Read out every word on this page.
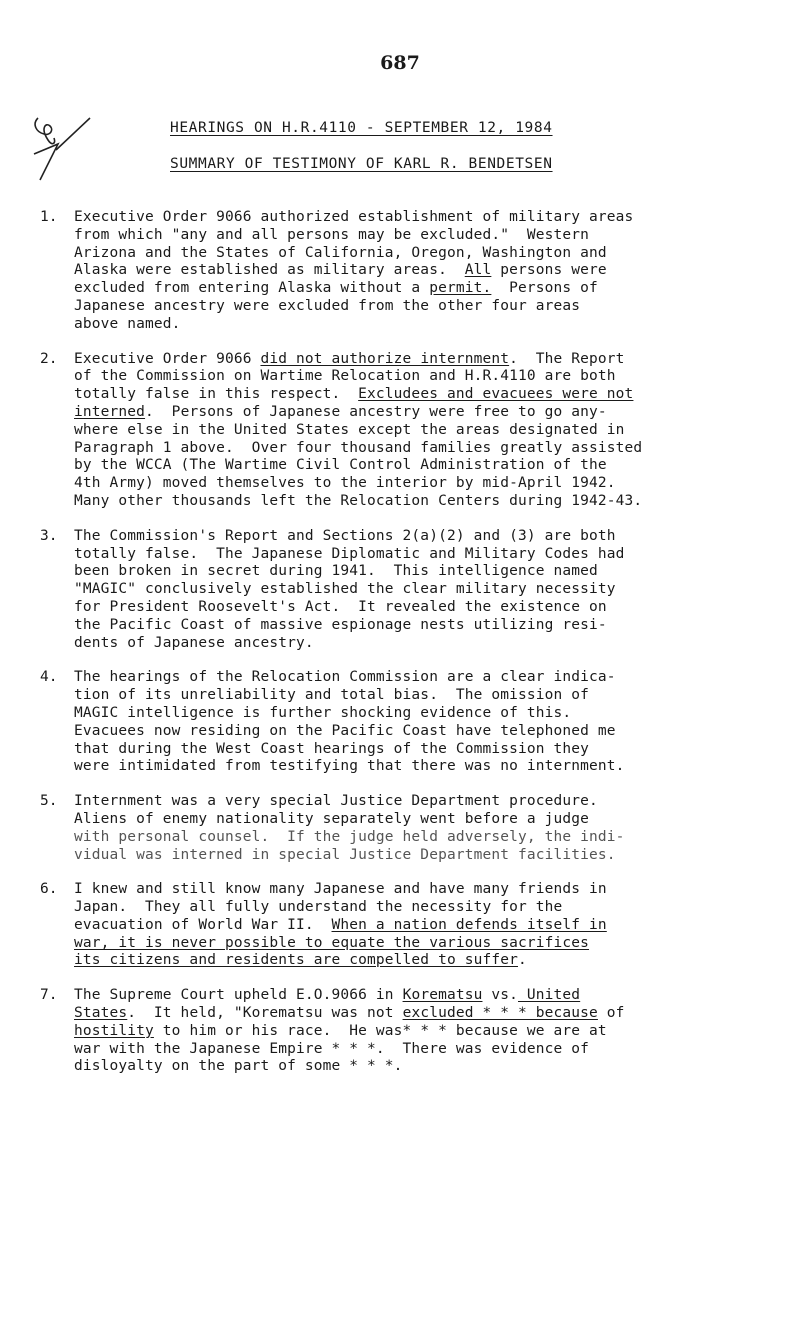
687
HEARINGS ON H.R.4110 - SEPTEMBER 12, 1984
SUMMARY OF TESTIMONY OF KARL R. BENDETSEN
1.	Executive Order 9066 authorized establishment of military areas
from which "any and all persons may be excluded."  Western
Arizona and the States of California, Oregon, Washington and
Alaska were established as military areas.  All persons were
excluded from entering Alaska without a permit.  Persons of
Japanese ancestry were excluded from the other four areas
above named.
2.	Executive Order 9066 did not authorize internment.  The Report
of the Commission on Wartime Relocation and H.R.4110 are both
totally false in this respect.  Excludees and evacuees were not
interned.  Persons of Japanese ancestry were free to go any-
where else in the United States except the areas designated in
Paragraph 1 above.  Over four thousand families greatly assisted
by the WCCA (The Wartime Civil Control Administration of the
4th Army) moved themselves to the interior by mid-April 1942.
Many other thousands left the Relocation Centers during 1942-43.
3.	The Commission's Report and Sections 2(a)(2) and (3) are both
totally false.  The Japanese Diplomatic and Military Codes had
been broken in secret during 1941.  This intelligence named
"MAGIC" conclusively established the clear military necessity
for President Roosevelt's Act.  It revealed the existence on
the Pacific Coast of massive espionage nests utilizing resi-
dents of Japanese ancestry.
4.	The hearings of the Relocation Commission are a clear indica-
tion of its unreliability and total bias.  The omission of
MAGIC intelligence is further shocking evidence of this.
Evacuees now residing on the Pacific Coast have telephoned me
that during the West Coast hearings of the Commission they
were intimidated from testifying that there was no internment.
5.	Internment was a very special Justice Department procedure.
Aliens of enemy nationality separately went before a judge
with personal counsel.  If the judge held adversely, the indi-
vidual was interned in special Justice Department facilities.
6.	I knew and still know many Japanese and have many friends in
Japan.  They all fully understand the necessity for the
evacuation of World War II.  When a nation defends itself in
war, it is never possible to equate the various sacrifices
its citizens and residents are compelled to suffer.
7.	The Supreme Court upheld E.O.9066 in Korematsu vs. United
States.  It held, "Korematsu was not excluded * * * because of
hostility to him or his race.  He was* * * because we are at
war with the Japanese Empire * * *.  There was evidence of
disloyalty on the part of some * * *.
